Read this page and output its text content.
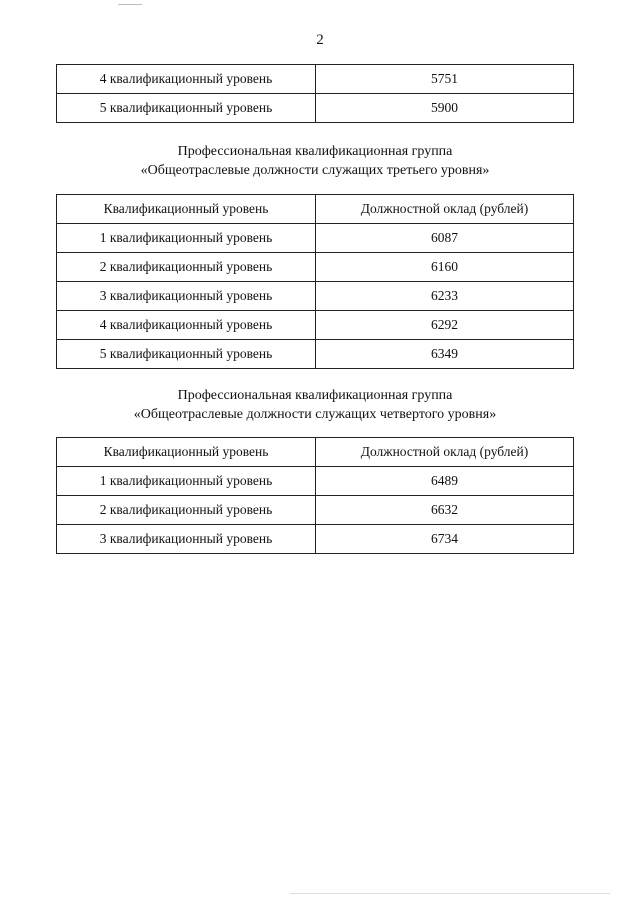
2
4 квалификационный уровень	5751
5 квалификационный уровень	5900
Профессиональная квалификационная группа
«Общеотраслевые должности служащих третьего уровня»
Квалификационный уровень	Должностной оклад (рублей)
1 квалификационный уровень	6087
2 квалификационный уровень	6160
3 квалификационный уровень	6233
4 квалификационный уровень	6292
5 квалификационный уровень	6349
Профессиональная квалификационная группа
«Общеотраслевые должности служащих четвертого уровня»
Квалификационный уровень	Должностной оклад (рублей)
1 квалификационный уровень	6489
2 квалификационный уровень	6632
3 квалификационный уровень	6734
